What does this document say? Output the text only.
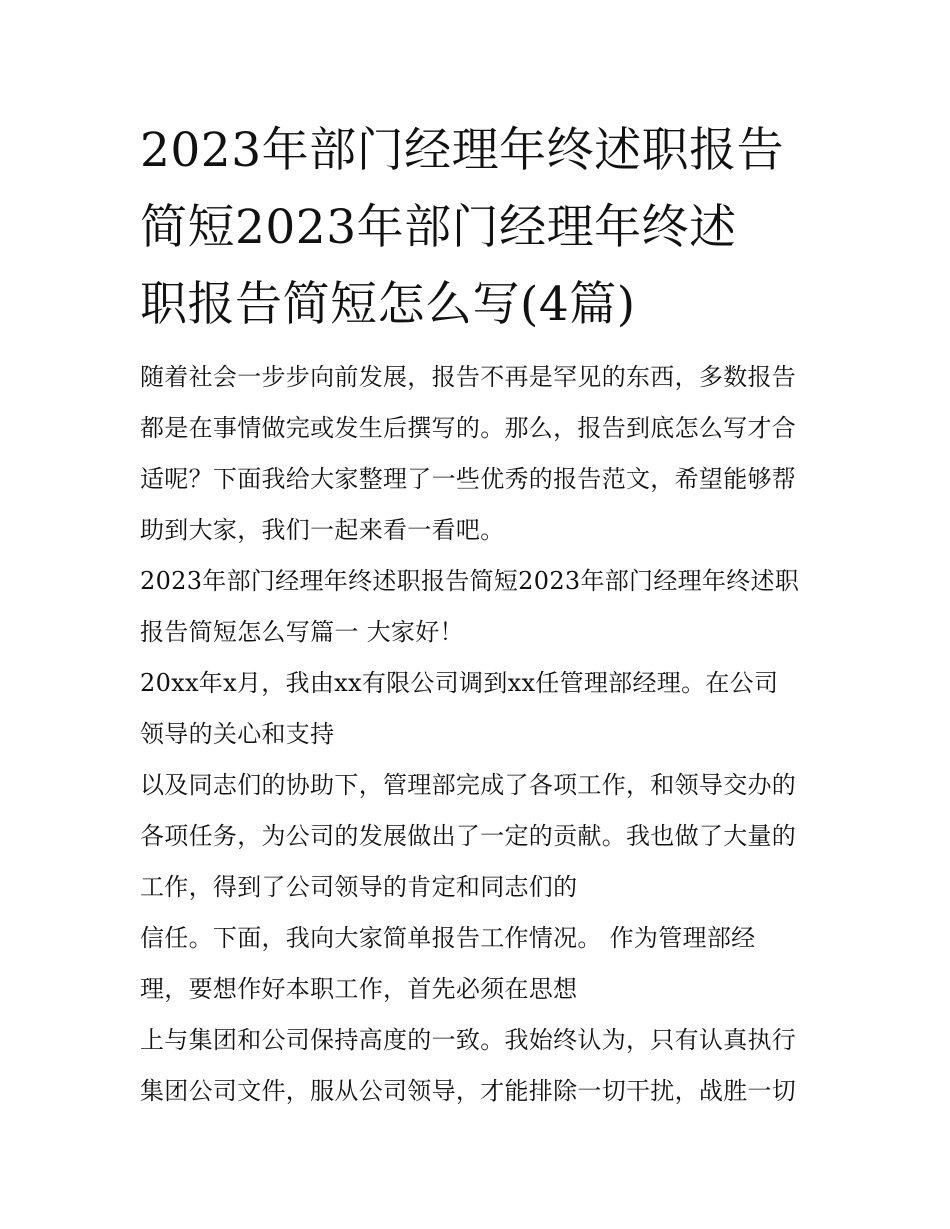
2023年部门经理年终述职报告
简短2023年部门经理年终述
职报告简短怎么写(4篇)
随着社会一步步向前发展，报告不再是罕见的东西，多数报告
都是在事情做完或发生后撰写的。那么，报告到底怎么写才合
适呢？下面我给大家整理了一些优秀的报告范文，希望能够帮
助到大家，我们一起来看一看吧。
2023年部门经理年终述职报告简短2023年部门经理年终述职
报告简短怎么写篇一 大家好！
20xx年x月，我由xx有限公司调到xx任管理部经理。在公司
领导的关心和支持
以及同志们的协助下，管理部完成了各项工作，和领导交办的
各项任务，为公司的发展做出了一定的贡献。我也做了大量的
工作，得到了公司领导的肯定和同志们的
信任。下面，我向大家简单报告工作情况。 作为管理部经
理，要想作好本职工作，首先必须在思想
上与集团和公司保持高度的一致。我始终认为，只有认真执行
集团公司文件，服从公司领导，才能排除一切干扰，战胜一切
